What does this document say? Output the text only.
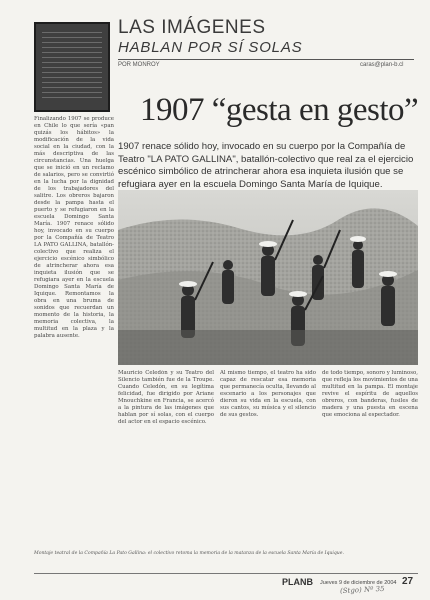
LAS IMÁGENES
HABLAN POR SÍ SOLAS
POR MONROY	caras@plan-b.cl
1907 “gesta en gesto”
1907 renace sólido hoy, invocado en su cuerpo por la Compañía de Teatro "LA PATO GALLINA", batallón-colectivo que real za el ejercicio escénico simbólico de atrincherar ahora esa inquieta ilusión que se refugiara ayer en la escuela Domingo Santa María de Iquique.
Finalizando 1907 se produce en Chile lo que sería «pan quizás los hábitos» la modificación de la vida social en la ciudad, con la más descriptiva de las circunstancias. Una huelga que se inició en un reclamo de salarios, pero se convirtió en la lucha por la dignidad de los trabajadores del salitre. Los obreros bajaron desde la pampa hasta el puerto y se refugiaron en la escuela Domingo Santa María. 1907 renace sólido hoy, invocado en su cuerpo por la Compañía de Teatro LA PATO GALLINA, batallón-colectivo que realiza el ejercicio escénico simbólico de atrincherar ahora esa inquieta ilusión que se refugiara ayer en la escuela Domingo Santa María de Iquique. Remontamos la obra en una bruma de sonidos que recuerdan un momento de la historia, la memoria colectiva, la multitud en la plaza y la palabra ausente.
Mauricio Celedón y su Teatro del Silencio también fue de la Troupe. Cuando Celedón, en su legítima felicidad, fue dirigido por Ariane Mnouchkine en Francia, se acercó a la pintura de las imágenes que hablan por sí solas, con el cuerpo del actor en el espacio escénico.
Al mismo tiempo, el teatro ha sido capaz de rescatar esa memoria que permanecía oculta, llevando al escenario a los personajes que dieron su vida en la escuela, con sus cantos, su música y el silencio de sus gestos.
de todo tiempo, sonoro y luminoso, que refleja los movimientos de una multitud en la pampa. El montaje revive el espíritu de aquellos obreros, con banderas, fusiles de madera y una puesta en escena que emociona al espectador.
Montaje teatral de la Compañía La Pato Gallina: el colectivo retoma la memoria de la matanza de la escuela Santa María de Iquique.
PLANB Jueves 9 de diciembre de 2004 27
(Stgo) Nº 35
